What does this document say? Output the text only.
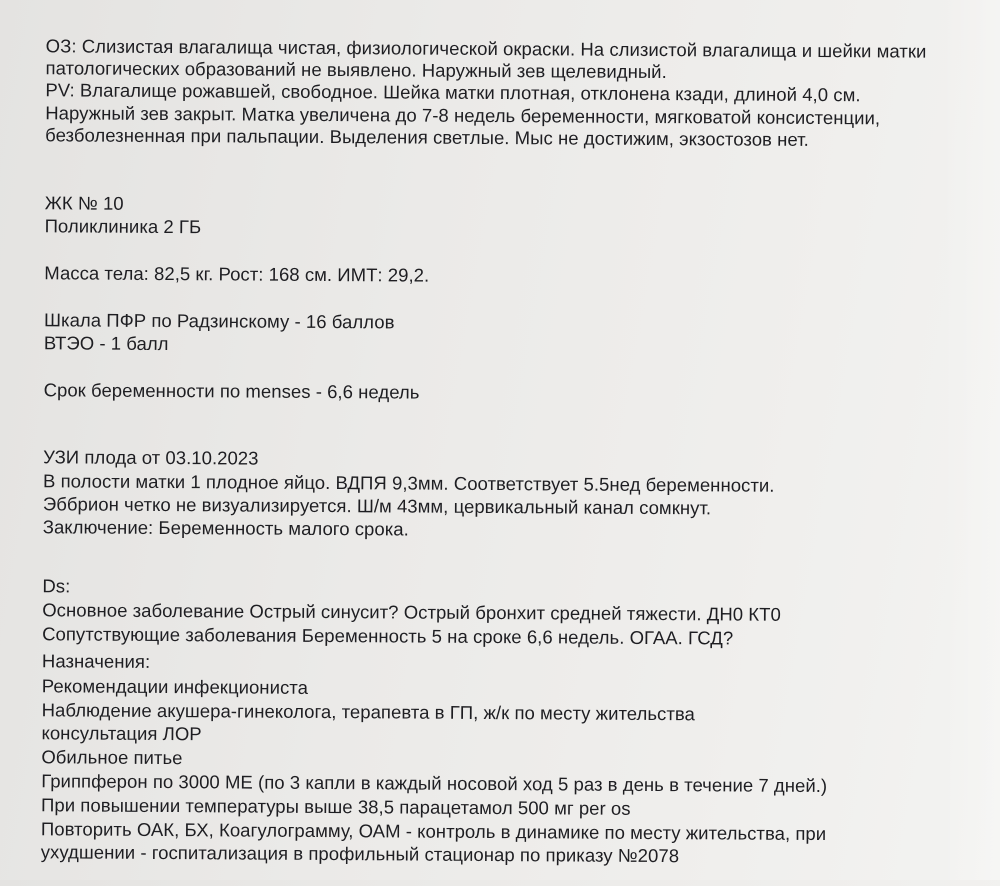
ОЗ: Слизистая влагалища чистая, физиологической окраски. На слизистой влагалища и шейки матки
патологических образований не выявлено. Наружный зев щелевидный.
PV: Влагалище рожавшей, свободное. Шейка матки плотная, отклонена кзади, длиной 4,0 см.
Наружный зев закрыт. Матка увеличена до 7-8 недель беременности, мягковатой консистенции,
безболезненная при пальпации. Выделения светлые. Мыс не достижим, экзостозов нет.
ЖК № 10
Поликлиника 2 ГБ
Масса тела: 82,5 кг. Рост: 168 см. ИМТ: 29,2.
Шкала ПФР по Радзинскому - 16 баллов
ВТЭО - 1 балл
Срок беременности по menses - 6,6 недель
УЗИ плода от 03.10.2023
В полости матки 1 плодное яйцо. ВДПЯ 9,3мм. Соответствует 5.5нед беременности.
Эббрион четко не визуализируется. Ш/м 43мм, цервикальный канал сомкнут.
Заключение: Беременность малого срока.
Ds:
Основное заболевание Острый синусит? Острый бронхит средней тяжести. ДН0 КТ0
Сопутствующие заболевания Беременность 5 на сроке 6,6 недель. ОГАА. ГСД?
Назначения:
Рекомендации инфекциониста
Наблюдение акушера-гинеколога, терапевта в ГП, ж/к по месту жительства
консультация ЛОР
Обильное питье
Гриппферон по 3000 МЕ (по 3 капли в каждый носовой ход 5 раз в день в течение 7 дней.)
При повышении температуры выше 38,5 парацетамол 500 мг per os
Повторить ОАК, БХ, Коагулограмму, ОАМ - контроль в динамике по месту жительства, при
ухудшении - госпитализация в профильный стационар по приказу №2078
